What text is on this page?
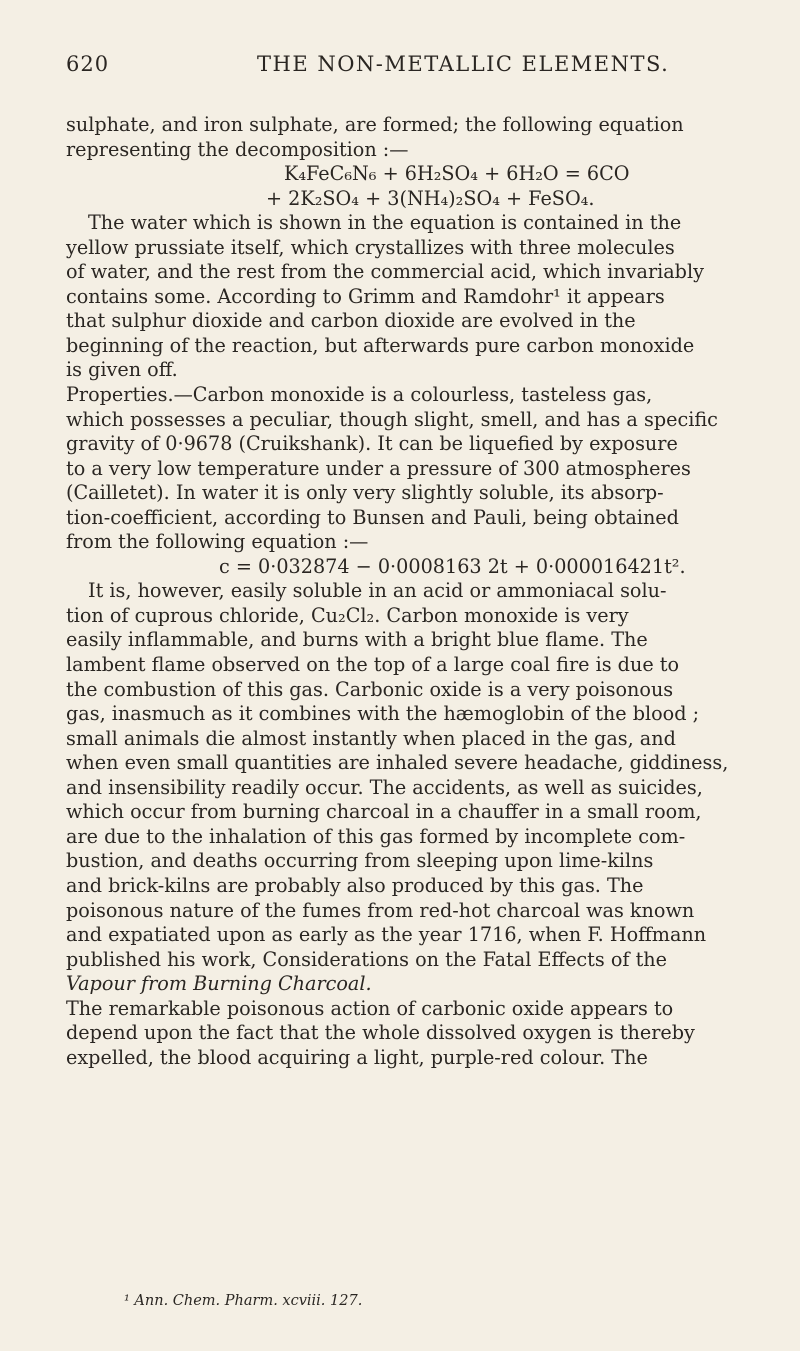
620	THE NON-METALLIC ELEMENTS.
sulphate, and iron sulphate, are formed; the following equation
representing the decomposition :—
K₄FeC₆N₆ + 6H₂SO₄ + 6H₂O = 6CO
+ 2K₂SO₄ + 3(NH₄)₂SO₄ + FeSO₄.
The water which is shown in the equation is contained in the
yellow prussiate itself, which crystallizes with three molecules
of water, and the rest from the commercial acid, which invariably
contains some. According to Grimm and Ramdohr¹ it appears
that sulphur dioxide and carbon dioxide are evolved in the
beginning of the reaction, but afterwards pure carbon monoxide
is given off.
Properties.—Carbon monoxide is a colourless, tasteless gas,
which possesses a peculiar, though slight, smell, and has a specific
gravity of 0·9678 (Cruikshank). It can be liquefied by exposure
to a very low temperature under a pressure of 300 atmospheres
(Cailletet). In water it is only very slightly soluble, its absorp-
tion-coefficient, according to Bunsen and Pauli, being obtained
from the following equation :—
c = 0·032874 − 0·0008163 2t + 0·000016421t².
It is, however, easily soluble in an acid or ammoniacal solu-
tion of cuprous chloride, Cu₂Cl₂. Carbon monoxide is very
easily inflammable, and burns with a bright blue flame. The
lambent flame observed on the top of a large coal fire is due to
the combustion of this gas. Carbonic oxide is a very poisonous
gas, inasmuch as it combines with the hæmoglobin of the blood ;
small animals die almost instantly when placed in the gas, and
when even small quantities are inhaled severe headache, giddiness,
and insensibility readily occur. The accidents, as well as suicides,
which occur from burning charcoal in a chauffer in a small room,
are due to the inhalation of this gas formed by incomplete com-
bustion, and deaths occurring from sleeping upon lime-kilns
and brick-kilns are probably also produced by this gas. The
poisonous nature of the fumes from red-hot charcoal was known
and expatiated upon as early as the year 1716, when F. Hoffmann
published his work, Considerations on the Fatal Effects of the
Vapour from Burning Charcoal.
The remarkable poisonous action of carbonic oxide appears to
depend upon the fact that the whole dissolved oxygen is thereby
expelled, the blood acquiring a light, purple-red colour. The
¹ Ann. Chem. Pharm. xcviii. 127.
